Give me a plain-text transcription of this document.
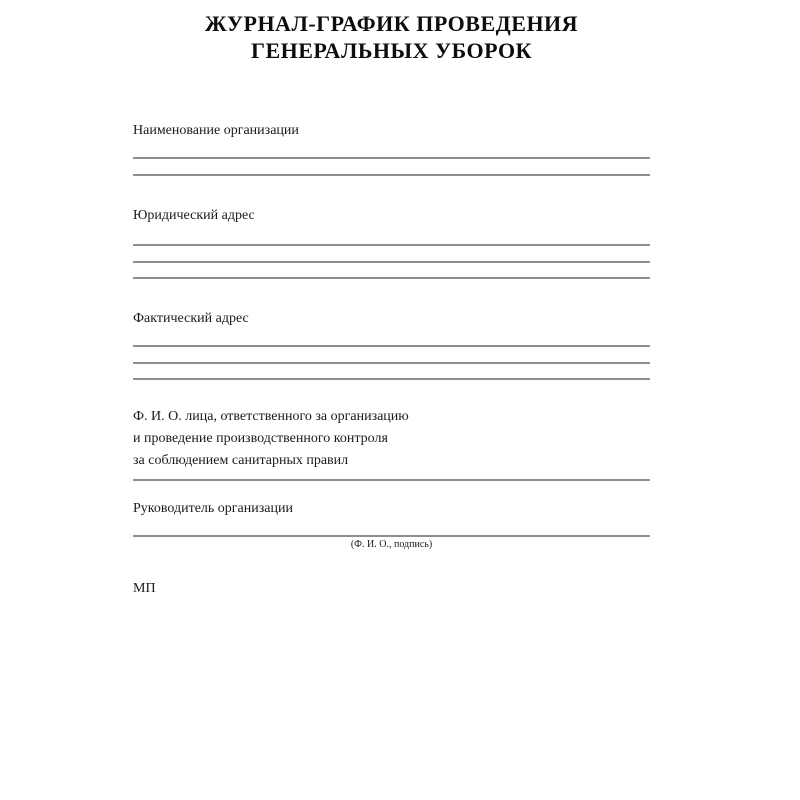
ЖУРНАЛ-ГРАФИК ПРОВЕДЕНИЯ
ГЕНЕРАЛЬНЫХ УБОРОК
Наименование организации
Юридический адрес
Фактический адрес
Ф. И. О. лица, ответственного за организацию
и проведение производственного контроля
за соблюдением санитарных правил
Руководитель организации
(Ф. И. О., подпись)
МП
